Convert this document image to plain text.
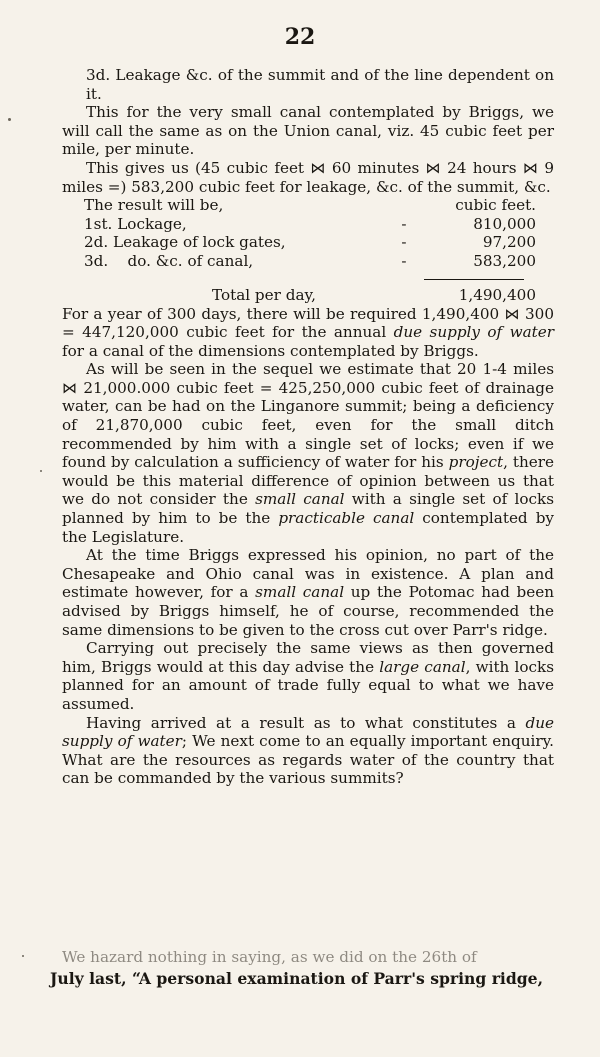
22

3d. Leakage &c. of the summit and of the line dependent on it.

This for the very small canal contemplated by Briggs, we will call the same as on the Union canal, viz. 45 cubic feet per mile, per minute.

This gives us (45 cubic feet ⋈ 60 minutes ⋈ 24 hours ⋈ 9 miles =) 583,200 cubic feet for leakage, &c. of the summit, &c.

The result will be,	cubic feet.
1st. Lockage,	-	810,000
2d. Leakage of lock gates,	-	97,200
3d.    do. &c. of canal,	-	583,200
Total per day,	1,490,400

For a year of 300 days, there will be required 1,490,400 ⋈ 300 = 447,120,000 cubic feet for the annual due supply of water for a canal of the dimensions contemplated by Briggs.

As will be seen in the sequel we estimate that 20 1-4 miles ⋈ 21,000.000 cubic feet = 425,250,000 cubic feet of drainage water, can be had on the Linganore summit; being a deficiency of 21,870,000 cubic feet, even for the small ditch recommended by him with a single set of locks; even if we found by calculation a sufficiency of water for his project, there would be this material difference of opinion between us that we do not consider the small canal with a single set of locks planned by him to be the practicable canal contemplated by the Legislature.

At the time Briggs expressed his opinion, no part of the Chesapeake and Ohio canal was in existence. A plan and estimate however, for a small canal up the Potomac had been advised by Briggs himself, he of course, recommended the same dimensions to be given to the cross cut over Parr's ridge.

Carrying out precisely the same views as then governed him, Briggs would at this day advise the large canal, with locks planned for an amount of trade fully equal to what we have assumed.

Having arrived at a result as to what constitutes a due supply of water; We next come to an equally important enquiry. What are the resources as regards water of the country that can be commanded by the various summits?

We hazard nothing in saying, as we did on the 26th of
July last, “A personal examination of Parr's spring ridge,
